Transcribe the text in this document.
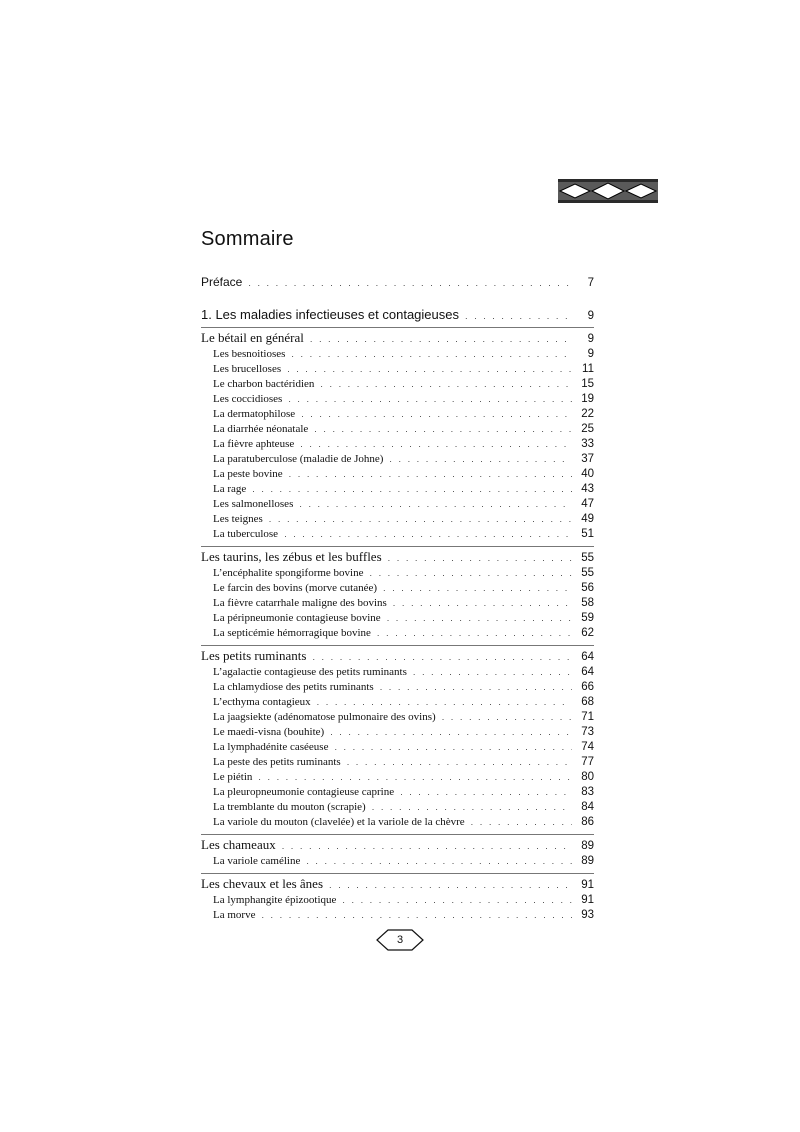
Sommaire
Préface . . .	7
1. Les maladies infectieuses et contagieuses . . .	9
Le bétail en général . . .	9
Les besnoitioses . . .	9
Les brucelloses . . .	11
Le charbon bactéridien . . .	15
Les coccidioses . . .	19
La dermatophilose . . .	22
La diarrhée néonatale . . .	25
La fièvre aphteuse . . .	33
La paratuberculose (maladie de Johne) . . .	37
La peste bovine . . .	40
La rage . . .	43
Les salmonelloses . . .	47
Les teignes . . .	49
La tuberculose . . .	51
Les taurins, les zébus et les buffles . . .	55
L’encéphalite spongiforme bovine . . .	55
Le farcin des bovins (morve cutanée) . . .	56
La fièvre catarrhale maligne des bovins . . .	58
La péripneumonie contagieuse bovine . . .	59
La septicémie hémorragique bovine . . .	62
Les petits ruminants . . .	64
L’agalactie contagieuse des petits ruminants . . .	64
La chlamydiose des petits ruminants . . .	66
L’ecthyma contagieux . . .	68
La jaagsiekte (adénomatose pulmonaire des ovins) . . .	71
Le maedi-visna (bouhite) . . .	73
La lymphadénite caséeuse . . .	74
La peste des petits ruminants . . .	77
Le piétin . . .	80
La pleuropneumonie contagieuse caprine . . .	83
La tremblante du mouton (scrapie) . . .	84
La variole du mouton (clavelée) et la variole de la chèvre . . .	86
Les chameaux . . .	89
La variole caméline . . .	89
Les chevaux et les ânes . . .	91
La lymphangite épizootique . . .	91
La morve . . .	93
3
